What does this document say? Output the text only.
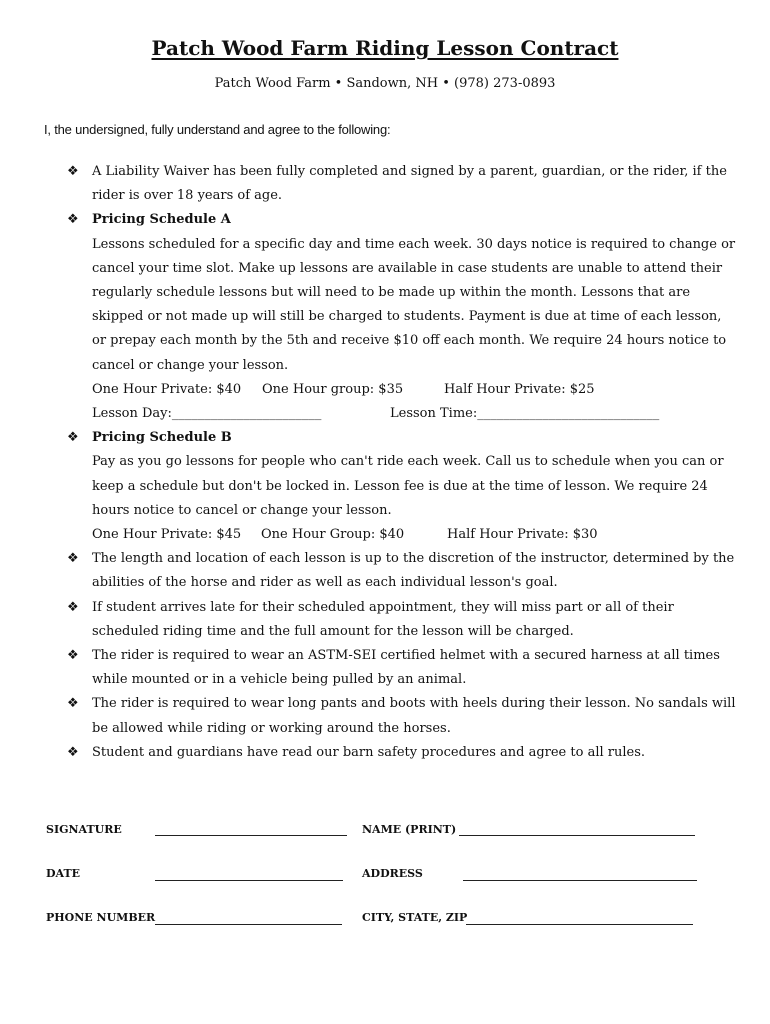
Patch Wood Farm Riding Lesson Contract
Patch Wood Farm • Sandown, NH • (978) 273-0893
I, the undersigned, fully understand and agree to the following:
❖	A Liability Waiver has been fully completed and signed by a parent, guardian, or the rider, if the rider is over 18 years of age.
❖	Pricing Schedule A
Lessons scheduled for a specific day and time each week. 30 days notice is required to change or cancel your time slot. Make up lessons are available in case students are unable to attend their regularly schedule lessons but will need to be made up within the month. Lessons that are skipped or not made up will still be charged to students. Payment is due at time of each lesson, or prepay each month by the 5th and receive $10 off each month. We require 24 hours notice to cancel or change your lesson.
One Hour Private: $40	One Hour group: $35	Half Hour Private: $25
Lesson Day:_______________________	Lesson Time:____________________________
❖	Pricing Schedule B
Pay as you go lessons for people who can't ride each week. Call us to schedule when you can or keep a schedule but don't be locked in. Lesson fee is due at the time of lesson. We require 24 hours notice to cancel or change your lesson.
One Hour Private: $45	One Hour Group: $40	Half Hour Private: $30
❖	The length and location of each lesson is up to the discretion of the instructor, determined by the abilities of the horse and rider as well as each individual lesson's goal.
❖	If student arrives late for their scheduled appointment, they will miss part or all of their scheduled riding time and the full amount for the lesson will be charged.
❖	The rider is required to wear an ASTM-SEI certified helmet with a secured harness at all times while mounted or in a vehicle being pulled by an animal.
❖	The rider is required to wear long pants and boots with heels during their lesson. No sandals will be allowed while riding or working around the horses.
❖	Student and guardians have read our barn safety procedures and agree to all rules.
SIGNATURE	NAME (PRINT)
DATE	ADDRESS
PHONE NUMBER	CITY, STATE, ZIP
